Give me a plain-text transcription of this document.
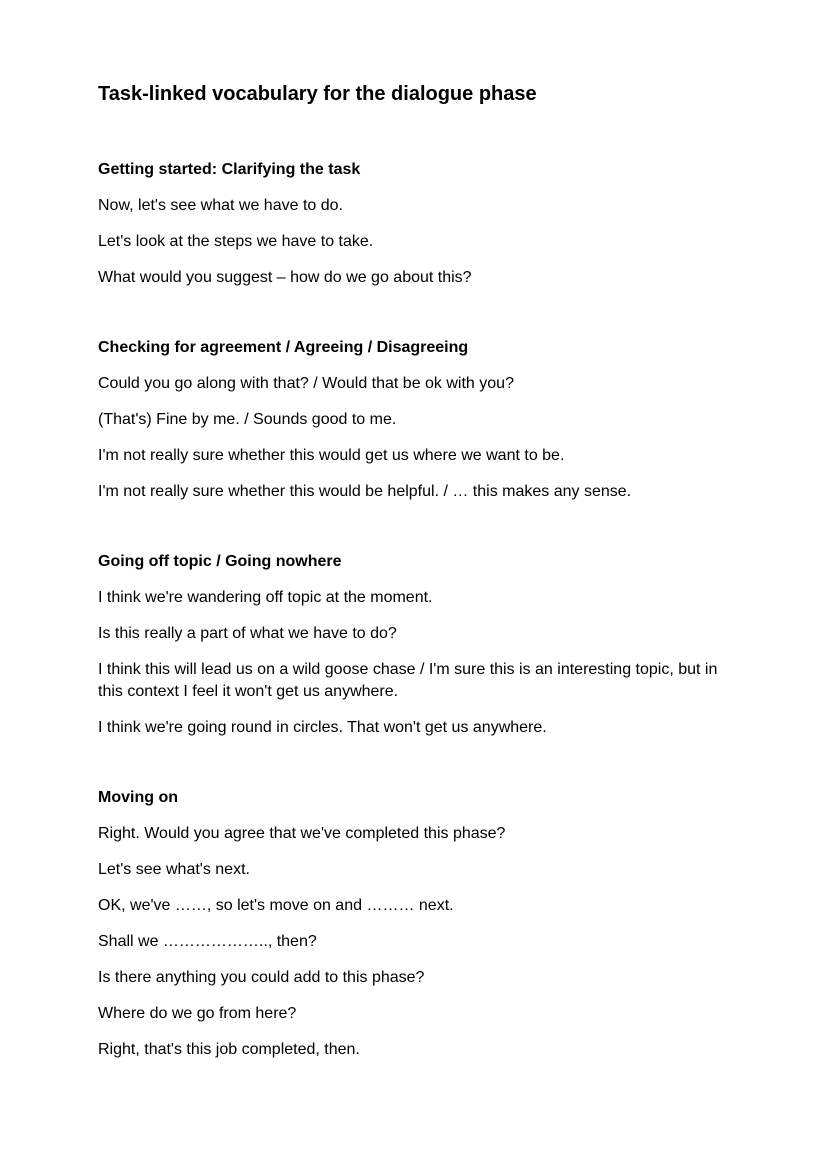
Task-linked vocabulary for the dialogue phase
Getting started: Clarifying the task

Now, let's see what we have to do.

Let's look at the steps we have to take.

What would you suggest – how do we go about this?

Checking for agreement / Agreeing / Disagreeing

Could you go along with that? / Would that be ok with you?

(That's) Fine by me. / Sounds good to me.

I'm not really sure whether this would get us where we want to be.

I'm not really sure whether this would be helpful. / … this makes any sense.

Going off topic / Going nowhere

I think we're wandering off topic at the moment.

Is this really a part of what we have to do?

I think this will lead us on a wild goose chase / I'm sure this is an interesting topic, but in this context I feel it won't get us anywhere.

I think we're going round in circles. That won't get us anywhere.

Moving on

Right. Would you agree that we've completed this phase?

Let's see what's next.

OK, we've ……, so let's move on and ……… next.

Shall we ……………….., then?

Is there anything you could add to this phase?

Where do we go from here?

Right, that's this job completed, then.
